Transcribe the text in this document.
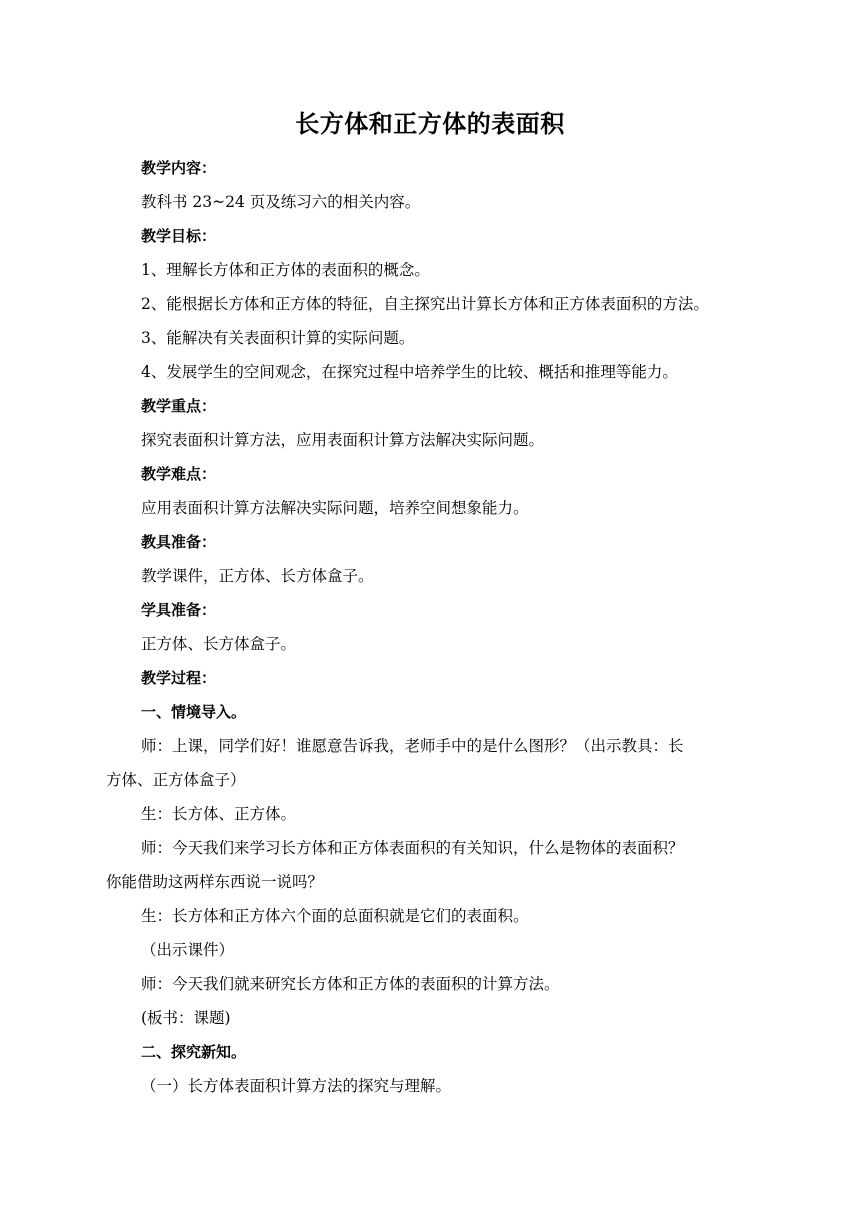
长方体和正方体的表面积
教学内容：
教科书 23~24 页及练习六的相关内容。
教学目标：
1、理解长方体和正方体的表面积的概念。
2、能根据长方体和正方体的特征，自主探究出计算长方体和正方体表面积的方法。
3、能解决有关表面积计算的实际问题。
4、发展学生的空间观念，在探究过程中培养学生的比较、概括和推理等能力。
教学重点：
探究表面积计算方法，应用表面积计算方法解决实际问题。
教学难点：
应用表面积计算方法解决实际问题，培养空间想象能力。
教具准备：
教学课件，正方体、长方体盒子。
学具准备：
正方体、长方体盒子。
教学过程：
一、情境导入。
师：上课，同学们好！谁愿意告诉我，老师手中的是什么图形？（出示教具：长
方体、正方体盒子）
生：长方体、正方体。
师：今天我们来学习长方体和正方体表面积的有关知识，什么是物体的表面积？
你能借助这两样东西说一说吗？
生：长方体和正方体六个面的总面积就是它们的表面积。
（出示课件）
师：今天我们就来研究长方体和正方体的表面积的计算方法。
(板书：课题)
二、探究新知。
（一）长方体表面积计算方法的探究与理解。
